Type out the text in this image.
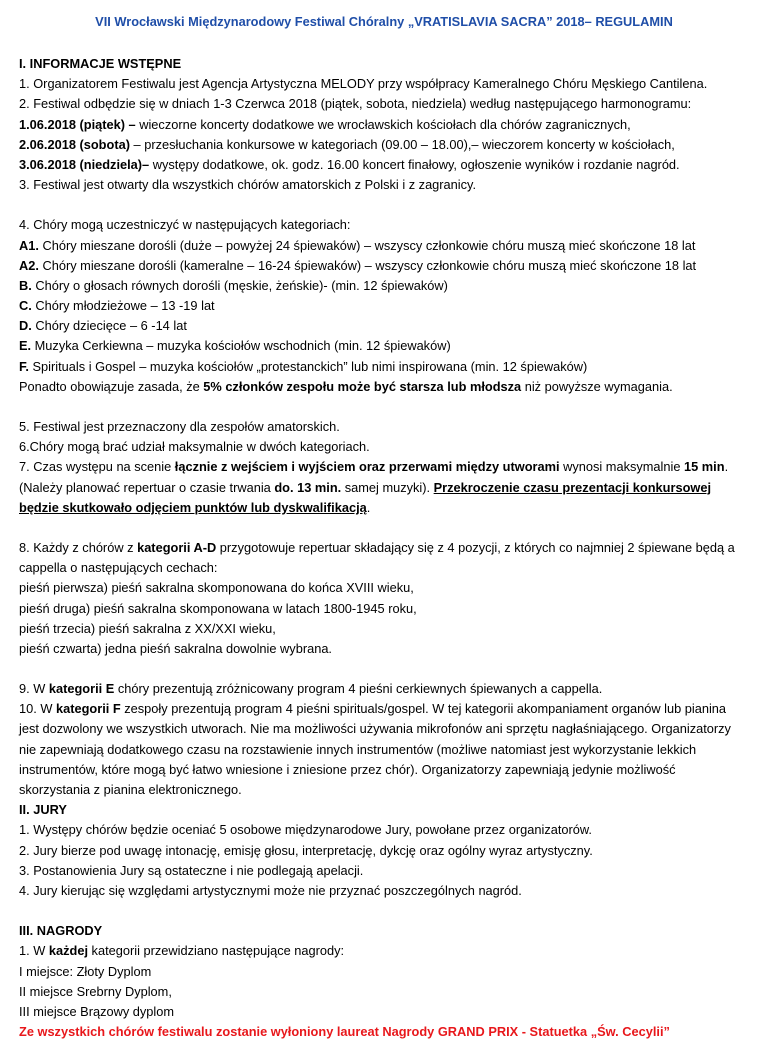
VII Wrocławski Międzynarodowy Festiwal Chóralny „VRATISLAVIA SACRA” 2018– REGULAMIN
I. INFORMACJE WSTĘPNE
1. Organizatorem Festiwalu jest Agencja Artystyczna MELODY przy współpracy Kameralnego Chóru Męskiego Cantilena.
2. Festiwal odbędzie się w dniach 1-3 Czerwca 2018 (piątek, sobota, niedziela) według następującego harmonogramu:
1.06.2018 (piątek) – wieczorne koncerty dodatkowe we wrocławskich kościołach dla chórów zagranicznych,
2.06.2018 (sobota) – przesłuchania konkursowe w kategoriach (09.00 – 18.00),– wieczorem koncerty w kościołach,
3.06.2018 (niedziela)– występy dodatkowe, ok. godz. 16.00 koncert finałowy, ogłoszenie wyników i rozdanie nagród.
3. Festiwal jest otwarty dla wszystkich chórów amatorskich z Polski i z zagranicy.
4. Chóry mogą uczestniczyć w następujących kategoriach:
A1. Chóry mieszane dorośli (duże – powyżej 24 śpiewaków) – wszyscy członkowie chóru muszą mieć skończone 18 lat
A2. Chóry mieszane dorośli (kameralne – 16-24 śpiewaków) – wszyscy członkowie chóru muszą mieć skończone 18 lat
B. Chóry o głosach równych dorośli (męskie, żeńskie)- (min. 12 śpiewaków)
C. Chóry młodzieżowe – 13 -19 lat
D. Chóry dziecięce – 6 -14 lat
E. Muzyka Cerkiewna – muzyka kościołów wschodnich (min. 12 śpiewaków)
F. Spirituals i Gospel – muzyka kościołów „protestanckich” lub nimi inspirowana (min. 12 śpiewaków)
Ponadto obowiązuje zasada, że 5% członków zespołu może być starsza lub młodsza niż powyższe wymagania.
5. Festiwal jest przeznaczony dla zespołów amatorskich.
6.Chóry mogą brać udział maksymalnie w dwóch kategoriach.
7. Czas występu na scenie łącznie z wejściem i wyjściem oraz przerwami między utworami wynosi maksymalnie 15 min.
(Należy planować repertuar o czasie trwania do. 13 min. samej muzyki). Przekroczenie czasu prezentacji konkursowej
będzie skutkowało odjęciem punktów lub dyskwalifikacją.
8. Każdy z chórów z kategorii A-D przygotowuje repertuar składający się z 4 pozycji, z których co najmniej 2 śpiewane będą a
cappella o następujących cechach:
pieśń pierwsza) pieśń sakralna skomponowana do końca XVIII wieku,
pieśń druga) pieśń sakralna skomponowana w latach 1800-1945 roku,
pieśń trzecia) pieśń sakralna z XX/XXI wieku,
pieśń czwarta) jedna pieśń sakralna dowolnie wybrana.
9. W kategorii E chóry prezentują zróżnicowany program 4 pieśni cerkiewnych śpiewanych a cappella.
10. W kategorii F zespoły prezentują program 4 pieśni spirituals/gospel. W tej kategorii akompaniament organów lub pianina
jest dozwolony we wszystkich utworach. Nie ma możliwości używania mikrofonów ani sprzętu nagłaśniającego. Organizatorzy
nie zapewniają dodatkowego czasu na rozstawienie innych instrumentów (możliwe natomiast jest wykorzystanie lekkich
instrumentów, które mogą być łatwo wniesione i zniesione przez chór). Organizatorzy zapewniają jedynie możliwość
skorzystania z pianina elektronicznego.
II. JURY
1. Występy chórów będzie oceniać 5 osobowe międzynarodowe Jury, powołane przez organizatorów.
2. Jury bierze pod uwagę intonację, emisję głosu, interpretację, dykcję oraz ogólny wyraz artystyczny.
3. Postanowienia Jury są ostateczne i nie podlegają apelacji.
4. Jury kierując się względami artystycznymi może nie przyznać poszczególnych nagród.
III. NAGRODY
1. W każdej kategorii przewidziano następujące nagrody:
I miejsce: Złoty Dyplom
II miejsce Srebrny Dyplom,
III miejsce Brązowy dyplom
Ze wszystkich chórów festiwalu zostanie wyłoniony laureat Nagrody GRAND PRIX - Statuetka „Św. Cecylii”
